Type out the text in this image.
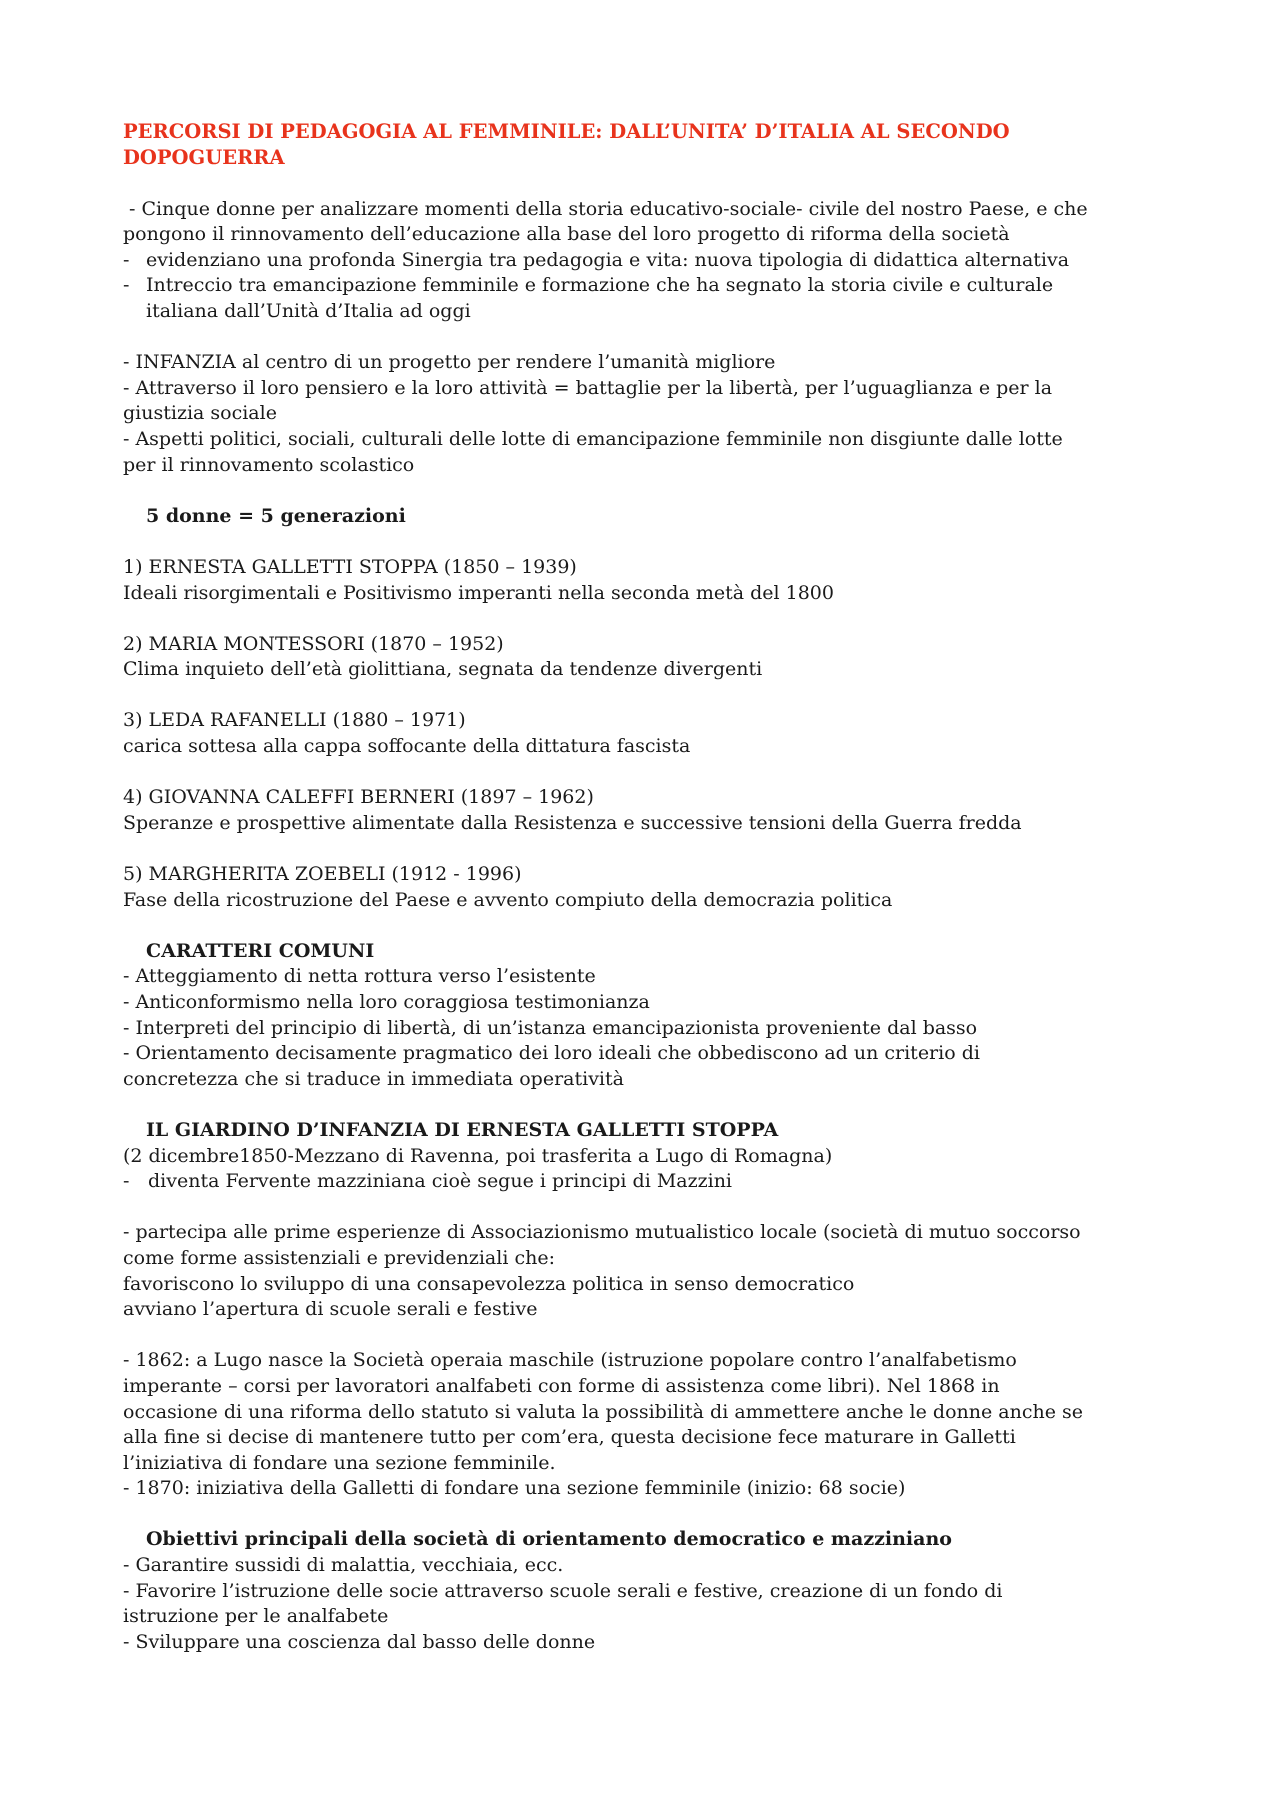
PERCORSI DI PEDAGOGIA AL FEMMINILE: DALL’UNITA’ D’ITALIA AL SECONDO
DOPOGUERRA
- Cinque donne per analizzare momenti della storia educativo-sociale- civile del nostro Paese, e che
pongono il rinnovamento dell’educazione alla base del loro progetto di riforma della società
- evidenziano una profonda Sinergia tra pedagogia e vita: nuova tipologia di didattica alternativa
- Intreccio tra emancipazione femminile e formazione che ha segnato la storia civile e culturale
italiana dall’Unità d’Italia ad oggi
- INFANZIA al centro di un progetto per rendere l’umanità migliore
- Attraverso il loro pensiero e la loro attività = battaglie per la libertà, per l’uguaglianza e per la
giustizia sociale
- Aspetti politici, sociali, culturali delle lotte di emancipazione femminile non disgiunte dalle lotte
per il rinnovamento scolastico
5 donne = 5 generazioni
1) ERNESTA GALLETTI STOPPA (1850 – 1939)
Ideali risorgimentali e Positivismo imperanti nella seconda metà del 1800
2) MARIA MONTESSORI (1870 – 1952)
Clima inquieto dell’età giolittiana, segnata da tendenze divergenti
3) LEDA RAFANELLI (1880 – 1971)
carica sottesa alla cappa soffocante della dittatura fascista
4) GIOVANNA CALEFFI BERNERI (1897 – 1962)
Speranze e prospettive alimentate dalla Resistenza e successive tensioni della Guerra fredda
5) MARGHERITA ZOEBELI (1912 - 1996)
Fase della ricostruzione del Paese e avvento compiuto della democrazia politica
CARATTERI COMUNI
- Atteggiamento di netta rottura verso l’esistente
- Anticonformismo nella loro coraggiosa testimonianza
- Interpreti del principio di libertà, di un’istanza emancipazionista proveniente dal basso
- Orientamento decisamente pragmatico dei loro ideali che obbediscono ad un criterio di
concretezza che si traduce in immediata operatività
IL GIARDINO D’INFANZIA DI ERNESTA GALLETTI STOPPA
(2 dicembre1850-Mezzano di Ravenna, poi trasferita a Lugo di Romagna)
- diventa Fervente mazziniana cioè segue i principi di Mazzini
- partecipa alle prime esperienze di Associazionismo mutualistico locale (società di mutuo soccorso
come forme assistenziali e previdenziali che:
favoriscono lo sviluppo di una consapevolezza politica in senso democratico
avviano l’apertura di scuole serali e festive
- 1862: a Lugo nasce la Società operaia maschile (istruzione popolare contro l’analfabetismo
imperante – corsi per lavoratori analfabeti con forme di assistenza come libri). Nel 1868 in
occasione di una riforma dello statuto si valuta la possibilità di ammettere anche le donne anche se
alla fine si decise di mantenere tutto per com’era, questa decisione fece maturare in Galletti
l’iniziativa di fondare una sezione femminile.
- 1870: iniziativa della Galletti di fondare una sezione femminile (inizio: 68 socie)
Obiettivi principali della società di orientamento democratico e mazziniano
- Garantire sussidi di malattia, vecchiaia, ecc.
- Favorire l’istruzione delle socie attraverso scuole serali e festive, creazione di un fondo di
istruzione per le analfabete
- Sviluppare una coscienza dal basso delle donne
